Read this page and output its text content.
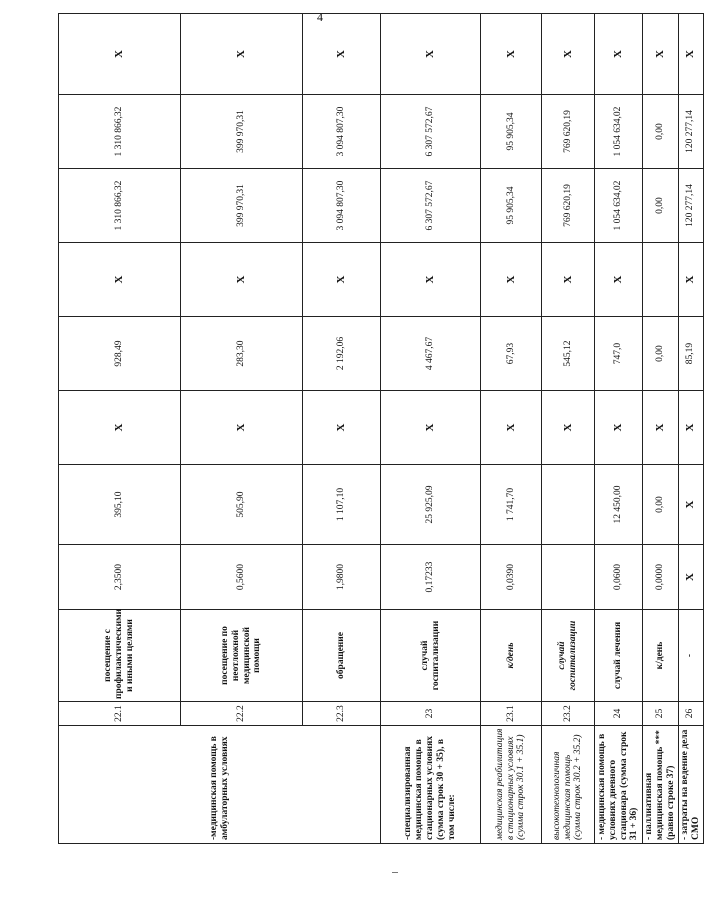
4
-медицинская помощь в амбулаторных условиях	22.1	посещение с профилактическими и иными целями	2,3500	395,10	Х	928,49	Х	1 310 866,32	1 310 866,32	Х
	22.2	посещение по неотложной медицинской помощи	0,5600	505,90	Х	283,30	Х	399 970,31	399 970,31	Х
	22.3	обращение	1,9800	1 107,10	Х	2 192,06	Х	3 094 807,30	3 094 807,30	Х
-специализированная медицинская помощь в стационарных условиях (сумма строк 30 + 35), в том числе:	23	случай госпитализации	0,17233	25 925,09	Х	4 467,67	Х	6 307 572,67	6 307 572,67	Х
медицинская реабилитация в стационарных условиях (сумма строк 30.1 + 35.1)	23.1	к/день	0,0390	1 741,70	Х	67,93	Х	95 905,34	95 905,34	Х
высокотехнологичная медицинская помощь (сумма строк 30.2 + 35.2)	23.2	случай госпитализации			Х	545,12	Х	769 620,19	769 620,19	Х
- медицинская помощь в условиях дневного стационара (сумма строк 31 + 36)	24	случай лечения	0,0600	12 450,00	Х	747,0	Х	1 054 634,02	1 054 634,02	Х
- паллиативная медицинская помощь *** (равно строке 37)	25	к/день	0,0000	0,00	Х	0,00		0,00	0,00	Х
- затраты на ведение дела СМО	26	-	Х	Х	Х	85,19	Х	120 277,14	120 277,14	Х
